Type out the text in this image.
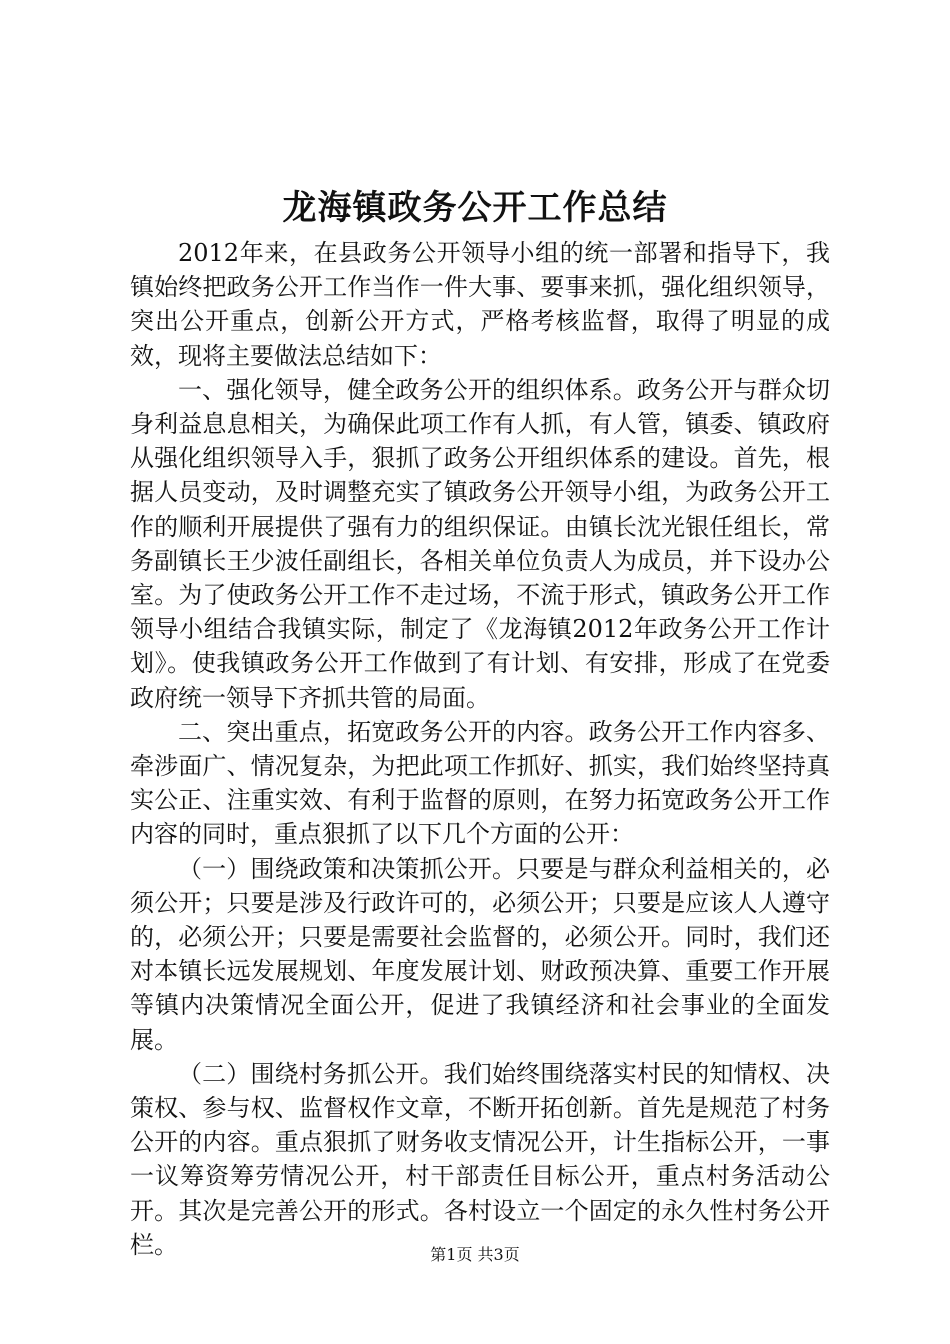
龙海镇政务公开工作总结

2012年来，在县政务公开领导小组的统一部署和指导下，我镇始终把政务公开工作当作一件大事、要事来抓，强化组织领导，突出公开重点，创新公开方式，严格考核监督，取得了明显的成效，现将主要做法总结如下：

一、强化领导，健全政务公开的组织体系。政务公开与群众切身利益息息相关，为确保此项工作有人抓，有人管，镇委、镇政府从强化组织领导入手，狠抓了政务公开组织体系的建设。首先，根据人员变动，及时调整充实了镇政务公开领导小组，为政务公开工作的顺利开展提供了强有力的组织保证。由镇长沈光银任组长，常务副镇长王少波任副组长，各相关单位负责人为成员，并下设办公室。为了使政务公开工作不走过场，不流于形式，镇政务公开工作领导小组结合我镇实际，制定了《龙海镇2012年政务公开工作计划》。使我镇政务公开工作做到了有计划、有安排，形成了在党委政府统一领导下齐抓共管的局面。

二、突出重点，拓宽政务公开的内容。政务公开工作内容多、牵涉面广、情况复杂，为把此项工作抓好、抓实，我们始终坚持真实公正、注重实效、有利于监督的原则，在努力拓宽政务公开工作内容的同时，重点狠抓了以下几个方面的公开：

（一）围绕政策和决策抓公开。只要是与群众利益相关的，必须公开；只要是涉及行政许可的，必须公开；只要是应该人人遵守的，必须公开；只要是需要社会监督的，必须公开。同时，我们还对本镇长远发展规划、年度发展计划、财政预决算、重要工作开展等镇内决策情况全面公开，促进了我镇经济和社会事业的全面发展。

（二）围绕村务抓公开。我们始终围绕落实村民的知情权、决策权、参与权、监督权作文章，不断开拓创新。首先是规范了村务公开的内容。重点狠抓了财务收支情况公开，计生指标公开，一事一议筹资筹劳情况公开，村干部责任目标公开，重点村务活动公开。其次是完善公开的形式。各村设立一个固定的永久性村务公开栏。	第1页 共3页
